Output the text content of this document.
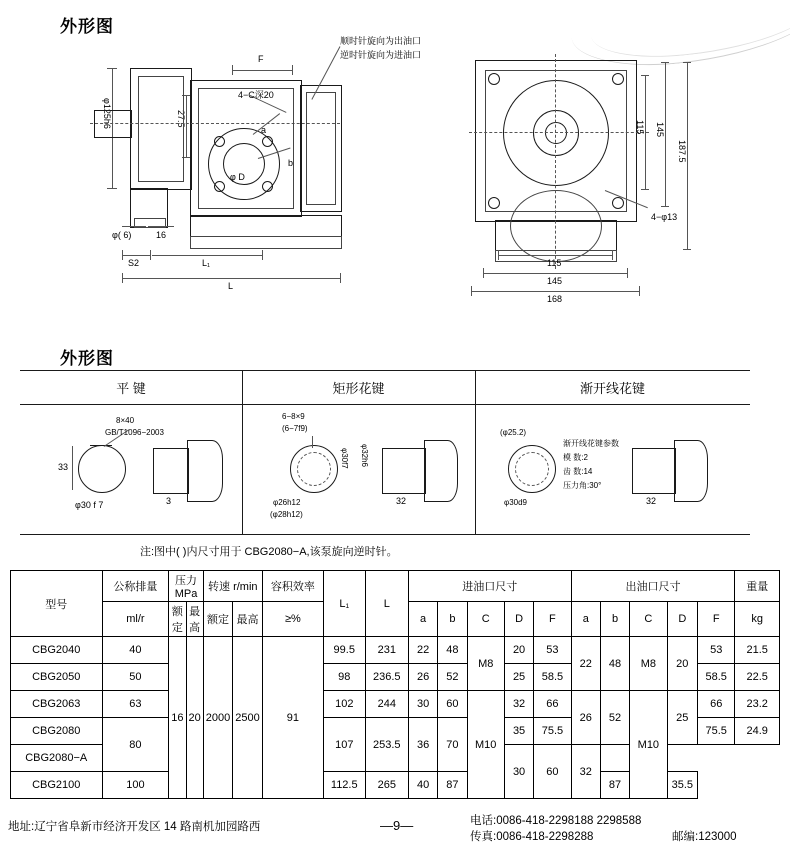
外形图
φ125h6	27.5
F
4−C深20
φ D
a
b
φ( 6)	16
S2	L₁
L
顺时针旋向为出油口
逆时针旋向为进油口
115 145
187.5
115
145
168
4−φ13
外形图
平 键	矩形花键	渐开线花键
8×40
GB/T1096−2003
33
φ30 f 7	3
6−8×9
(6−7f9)
φ30f7 φ32h6
φ26h12
(φ28h12)
32
(φ25.2)
φ30d9
渐开线花键参数
模 数:2
齿 数:14
压力角:30°
32
注:图中( )内尺寸用于 CBG2080−A,该泵旋向逆时针。
型号	公称排量	压力 MPa		转速 r/min		容积效率	L₁	L	进油口尺寸					出油口尺寸					重量
	ml/r	额定	最高	额定	最高	≥%			a	b	C	D	F	a	b	C	D	F	kg
CBG2040	40	16	20	2000	2500	91	99.5	231	22	48	M8	20	53	22	48	M8	20	53	21.5
CBG2050	50						98	236.5	26	52		25	58.5					58.5	22.5
CBG2063	63						102	244	30	60	M10	32	66	26	52	M10	25	66	23.2
CBG2080	80						107	253.5	36	70		35	75.5					75.5	24.9
CBG2080−A												30	60	32					
CBG2100	100						112.5	265	40	87					87		35.5		
地址:辽宁省阜新市经济开发区 14 路南机加园路西	—9—	电话:0086-418-2298188 2298588
传真:0086-418-2298288	邮编:123000
